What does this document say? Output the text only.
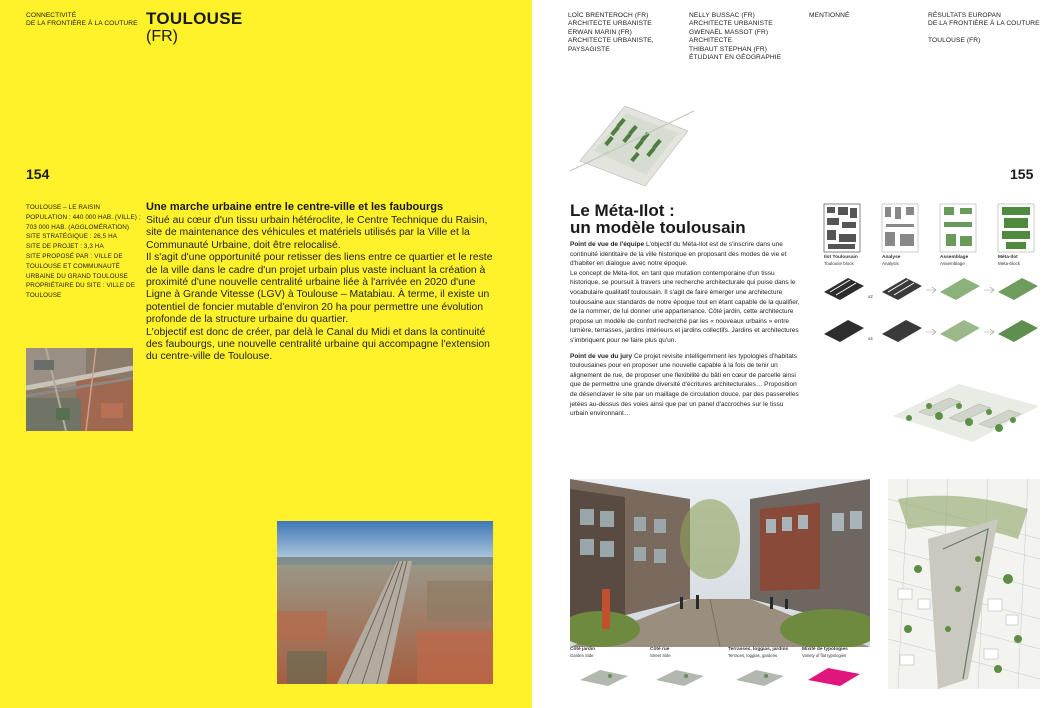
CONNECTIVITÉ
DE LA FRONTIÈRE À LA COUTURE TOULOUSE
(FR)
154
TOULOUSE – LE RAISIN
POPULATION : 440 000 HAB. (VILLE) ;
703 000 HAB. (AGGLOMÉRATION)
SITE STRATÉGIQUE : 26,5 HA
SITE DE PROJET : 3,3 HA
SITE PROPOSÉ PAR : VILLE DE
TOULOUSE ET COMMUNAUTÉ
URBAINE DU GRAND TOULOUSE
PROPRIÉTAIRE DU SITE : VILLE DE
TOULOUSE
Une marche urbaine entre le centre-ville et les faubourgs

Situé au cœur d'un tissu urbain hétéroclite, le Centre Technique du Raisin, site de maintenance des véhicules et matériels utilisés par la Ville et la Communauté Urbaine, doit être relocalisé.

Il s'agit d'une opportunité pour retisser des liens entre ce quartier et le reste de la ville dans le cadre d'un projet urbain plus vaste incluant la création à proximité d'une nouvelle centralité urbaine liée à l'arrivée en 2020 d'une Ligne à Grande Vitesse (LGV) à Toulouse – Matabiau. À terme, il existe un potentiel de foncier mutable d'environ 20 ha pour permettre une évolution profonde de la structure urbaine du quartier.

L'objectif est donc de créer, par delà le Canal du Midi et dans la continuité des faubourgs, une nouvelle centralité urbaine qui accompagne l'extension du centre-ville de Toulouse.

LOÏC BRENTEROCH (FR)
ARCHITECTE URBANISTE
ERWAN MARIN (FR)
ARCHITECTE URBANISTE,
PAYSAGISTE
NELLY BUSSAC (FR)
ARCHITECTE URBANISTE
GWENAËL MASSOT (FR)
ARCHITECTE
THIBAUT STEPHAN (FR)
ÉTUDIANT EN GÉOGRAPHIE
MENTIONNÉ	RÉSULTATS EUROPAN
DE LA FRONTIÈRE À LA COUTURE
TOULOUSE (FR)
155
Le Méta-Ilot :
un modèle toulousain

Point de vue de l'équipe L'objectif du Méta-Ilot est de s'inscrire dans une continuité identitaire de la ville historique en proposant des modes de vie et d'habiter en dialogue avec notre époque.
Le concept de Méta-Ilot, en tant que mutation contemporaine d'un tissu historique, se poursuit à travers une recherche architecturale qui puise dans le vocabulaire qualitatif toulousain. Il s'agit de faire émerger une architecture toulousaine aux standards de notre époque tout en étant capable de la qualifier, de la nommer, de lui donner une appartenance. Côté jardin, cette architecture propose un modèle de confort recherché par les « nouveaux urbains » entre lumière, terrasses, jardins intérieurs et jardins collectifs. Jardins et architectures s'imbriquent pour ne faire plus qu'un.

Point de vue du jury Ce projet revisite intelligemment les typologies d'habitats toulousaines pour en proposer une nouvelle capable à la fois de tenir un alignement de rue, de proposer une flexibilité du bâti en cœur de parcelle ainsi que de permettre une grande diversité d'écritures architecturales… Proposition de désenclaver le site par un maillage de circulation douce, par des passerelles jetées au-dessus des voies ainsi que par un panel d'accroches sur le tissu urbain environnant…

Ilot Toulousain
Toulouse block
Analyse
Analysis
Assemblage
Assemblage
Méta-Ilot
Meta-block
x2
x4
Côté jardin
Garden Side
Côté rue
Street Side
Terrasses, loggias, jardins
Terraces, loggias, gardens
Mixité de typologies
Variety of flat typologies
